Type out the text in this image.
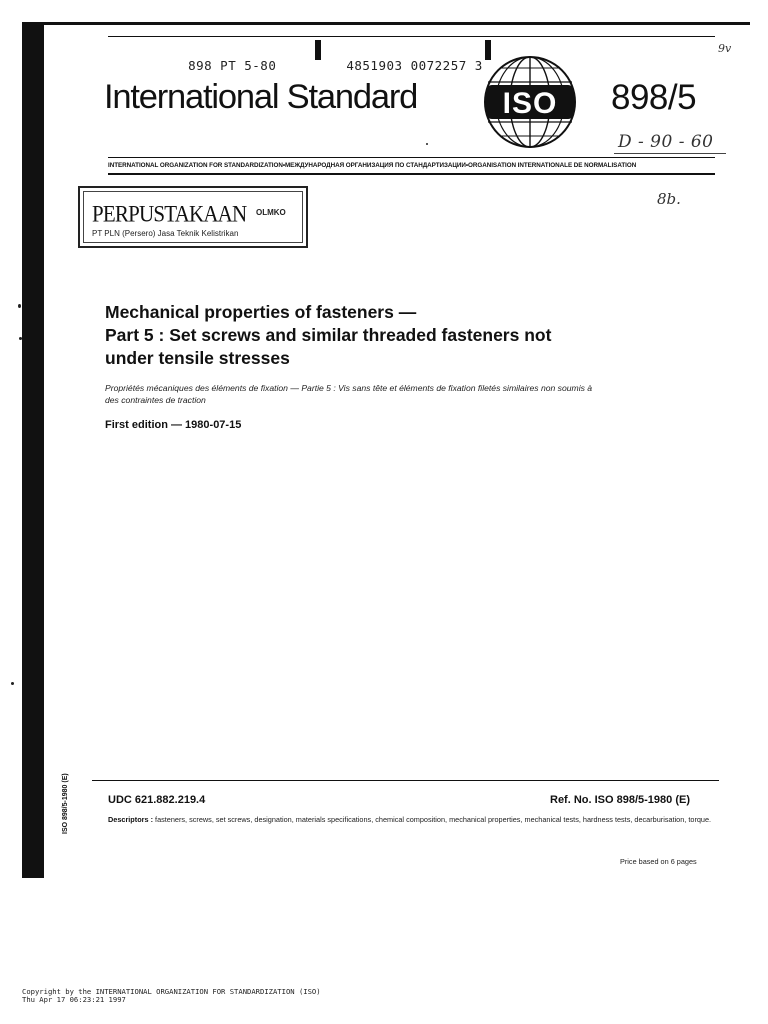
898 PT 5-80	4851903 0072257 3

9v
International Standard	ISO 898/5
D - 90 - 60
INTERNATIONAL ORGANIZATION FOR STANDARDIZATION•МЕЖДУНАРОДНАЯ ОРГАНИЗАЦИЯ ПО СТАНДАРТИЗАЦИИ•ORGANISATION INTERNATIONALE DE NORMALISATION
PERPUSTAKAAN OLMKO
PT PLN (Persero) Jasa Teknik Kelistrikan
8b.
Mechanical properties of fasteners —
Part 5 : Set screws and similar threaded fasteners not
under tensile stresses
Propriétés mécaniques des éléments de fixation — Partie 5 : Vis sans tête et éléments de fixation filetés similaires non soumis à
des contraintes de traction
First edition — 1980-07-15
ISO 898/5-1980 (E)	UDC 621.882.219.4	Ref. No. ISO 898/5-1980 (E)
Descriptors : fasteners, screws, set screws, designation, materials specifications, chemical composition, mechanical properties, mechanical tests, hardness tests, decarburisation, torque.
Price based on 6 pages
Copyright by the INTERNATIONAL ORGANIZATION FOR STANDARDIZATION (ISO)
Thu Apr 17 06:23:21 1997
